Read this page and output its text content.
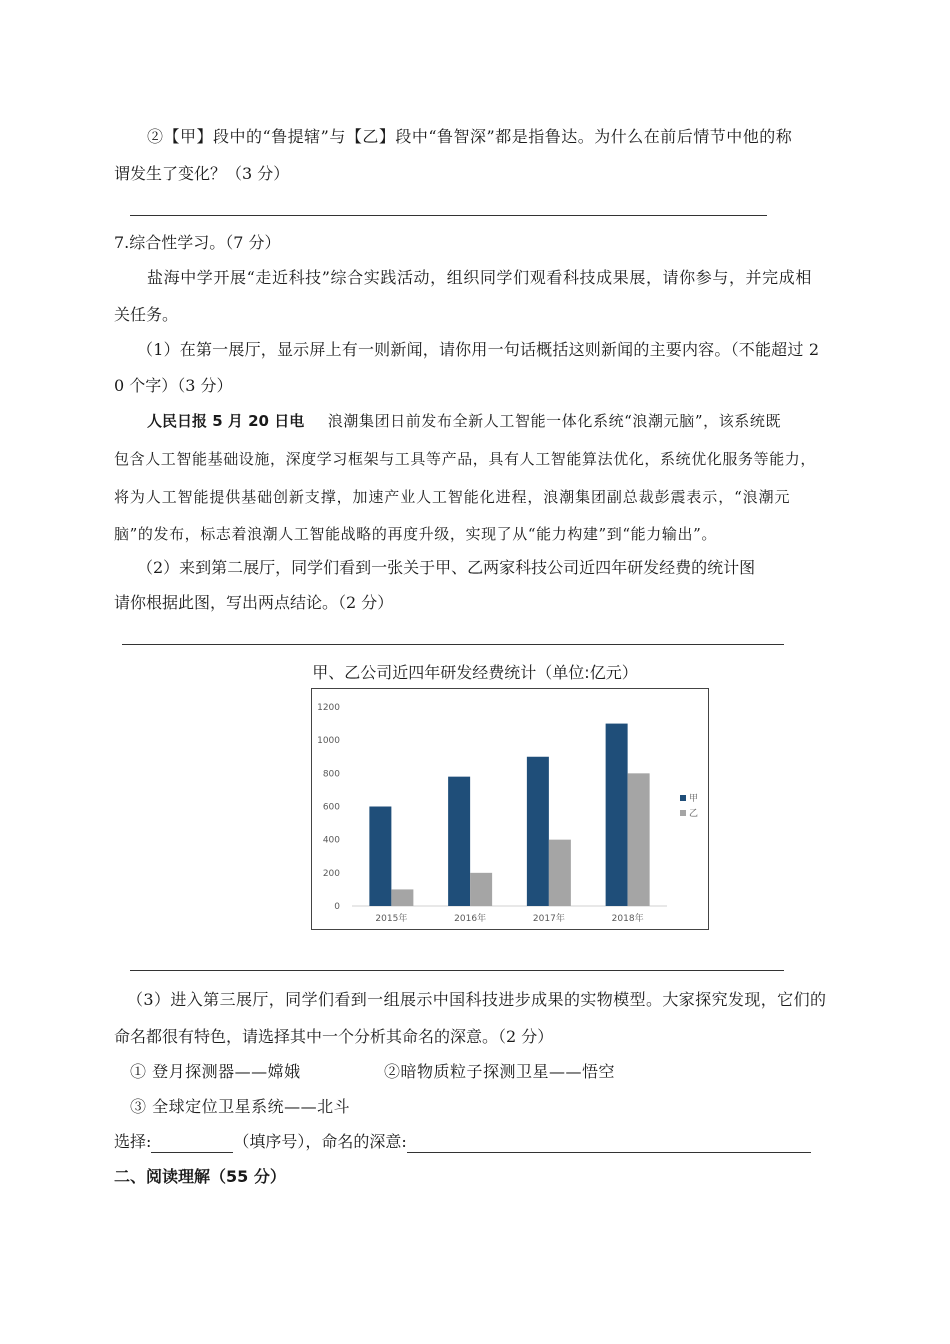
②【甲】段中的“鲁提辖”与【乙】段中“鲁智深”都是指鲁达。为什么在前后情节中他的称
谓发生了变化？（3 分）
7.综合性学习。（7 分）
盐海中学开展“走近科技”综合实践活动，组织同学们观看科技成果展，请你参与，并完成相
关任务。
（1）在第一展厅，显示屏上有一则新闻，请你用一句话概括这则新闻的主要内容。（不能超过 2
0 个字）（3 分）
人民日报 5 月 20 日电 浪潮集团日前发布全新人工智能一体化系统“浪潮元脑”，该系统既
包含人工智能基础设施，深度学习框架与工具等产品，具有人工智能算法优化，系统优化服务等能力，
将为人工智能提供基础创新支撑，加速产业人工智能化进程，浪潮集团副总裁彭震表示，“浪潮元
脑”的发布，标志着浪潮人工智能战略的再度升级，实现了从“能力构建”到“能力输出”。
（2）来到第二展厅，同学们看到一张关于甲、乙两家科技公司近四年研发经费的统计图
请你根据此图，写出两点结论。（2 分）
甲、乙公司近四年研发经费统计（单位:亿元）
0
200
400
600
800
1000
1200
2015年	2016年	2017年	2018年
甲
乙
（3）进入第三展厅，同学们看到一组展示中国科技进步成果的实物模型。大家探究发现，它们的
命名都很有特色，请选择其中一个分析其命名的深意。（2 分）
① 登月探测器——嫦娥	②暗物质粒子探测卫星——悟空
③ 全球定位卫星系统——北斗
选择:	（填序号），命名的深意:
二、阅读理解（55 分）
